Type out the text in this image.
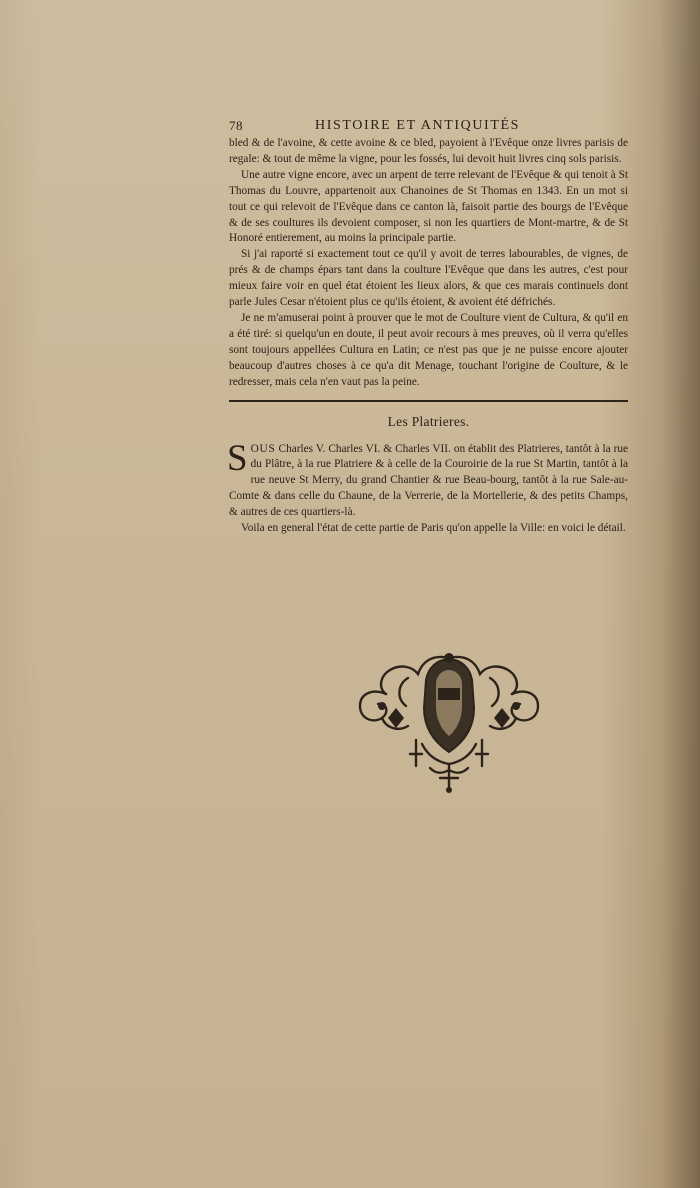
78	HISTOIRE ET ANTIQUITÉS

bled & de l'avoine, & cette avoine & ce bled, payoient à l'Evêque onze livres parisis de regale: & tout de même la vigne, pour les fossés, lui devoit huit livres cinq sols parisis.

Une autre vigne encore, avec un arpent de terre relevant de l'Evêque & qui tenoit à St Thomas du Louvre, appartenoit aux Chanoines de St Thomas en 1343. En un mot si tout ce qui relevoit de l'Evêque dans ce canton là, faisoit partie des bourgs de l'Evêque & de ses coultures ils devoient composer, si non les quartiers de Mont-martre, & de St Honoré entierement, au moins la principale partie.

Si j'ai raporté si exactement tout ce qu'il y avoit de terres labourables, de vignes, de prés & de champs épars tant dans la coulture l'Evêque que dans les autres, c'est pour mieux faire voir en quel état étoient les lieux alors, & que ces marais continuels dont parle Jules Cesar n'étoient plus ce qu'ils étoient, & avoient été défrichés.

Je ne m'amuserai point à prouver que le mot de Coulture vient de Cultura, & qu'il en a été tiré: si quelqu'un en doute, il peut avoir recours à mes preuves, où il verra qu'elles sont toujours appellées Cultura en Latin; ce n'est pas que je ne puisse encore ajouter beaucoup d'autres choses à ce qu'a dit Menage, touchant l'origine de Coulture, & le redresser, mais cela n'en vaut pas la peine.

Les Platrieres.

SOUS Charles V. Charles VI. & Charles VII. on établit des Platrieres, tantôt à la rue du Plâtre, à la rue Platriere & à celle de la Couroirie de la rue St Martin, tantôt à la rue neuve St Merry, du grand Chantier & rue Beau-bourg, tantôt à la rue Sale-au-Comte & dans celle du Chaune, de la Verrerie, de la Mortellerie, & des petits Champs, & autres de ces quartiers-là.

Voila en general l'état de cette partie de Paris qu'on appelle la Ville: en voici le détail.
